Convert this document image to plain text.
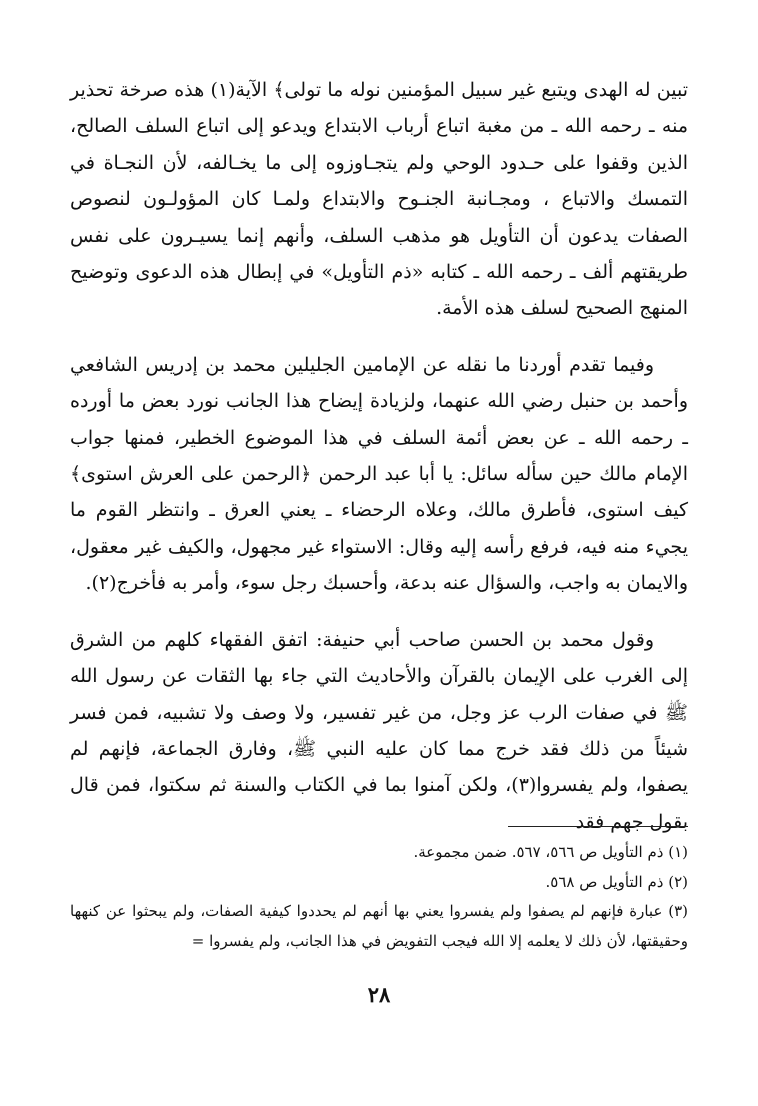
تبين له الهدى ويتبع غير سبيل المؤمنين نوله ما تولى﴾ الآية(١) هذه صرخة تحذير منه ـ رحمه الله ـ من مغبة اتباع أرباب الابتداع ويدعو إلى اتباع السلف الصالح، الذين وقفوا على حـدود الوحي ولم يتجـاوزوه إلى ما يخـالفه، لأن النجـاة في التمسك والاتباع ، ومجـانبة الجنـوح والابتداع ولمـا كان المؤولـون لنصوص الصفات يدعون أن التأويل هو مذهب السلف، وأنهم إنما يسيـرون على نفس طريقتهم ألف ـ رحمه الله ـ كتابه «ذم التأويل» في إبطال هذه الدعوى وتوضيح المنهج الصحيح لسلف هذه الأمة.

وفيما تقدم أوردنا ما نقله عن الإمامين الجليلين محمد بن إدريس الشافعي وأحمد بن حنبل رضي الله عنهما، ولزيادة إيضاح هذا الجانب نورد بعض ما أورده ـ رحمه الله ـ عن بعض أئمة السلف في هذا الموضوع الخطير، فمنها جواب الإمام مالك حين سأله سائل: يا أبا عبد الرحمن ﴿الرحمن على العرش استوى﴾ كيف استوى، فأطرق مالك، وعلاه الرحضاء ـ يعني العرق ـ وانتظر القوم ما يجيء منه فيه، فرفع رأسه إليه وقال: الاستواء غير مجهول، والكيف غير معقول، والايمان به واجب، والسؤال عنه بدعة، وأحسبك رجل سوء، وأمر به فأخرج(٢).

وقول محمد بن الحسن صاحب أبي حنيفة: اتفق الفقهاء كلهم من الشرق إلى الغرب على الإيمان بالقرآن والأحاديث التي جاء بها الثقات عن رسول الله ﷺ في صفات الرب عز وجل، من غير تفسير، ولا وصف ولا تشبيه، فمن فسر شيئاً من ذلك فقد خرج مما كان عليه النبي ﷺ، وفارق الجماعة، فإنهم لم يصفوا، ولم يفسروا(٣)، ولكن آمنوا بما في الكتاب والسنة ثم سكتوا، فمن قال بقول جهم فقد

(١) ذم التأويل ص ٥٦٦، ٥٦٧. ضمن مجموعة.

(٢) ذم التأويل ص ٥٦٨.

(٣) عبارة فإنهم لم يصفوا ولم يفسروا يعني بها أنهم لم يحددوا كيفية الصفات، ولم يبحثوا عن كنهها وحقيقتها، لأن ذلك لا يعلمه إلا الله فيجب التفويض في هذا الجانب، ولم يفسروا =

٢٨
